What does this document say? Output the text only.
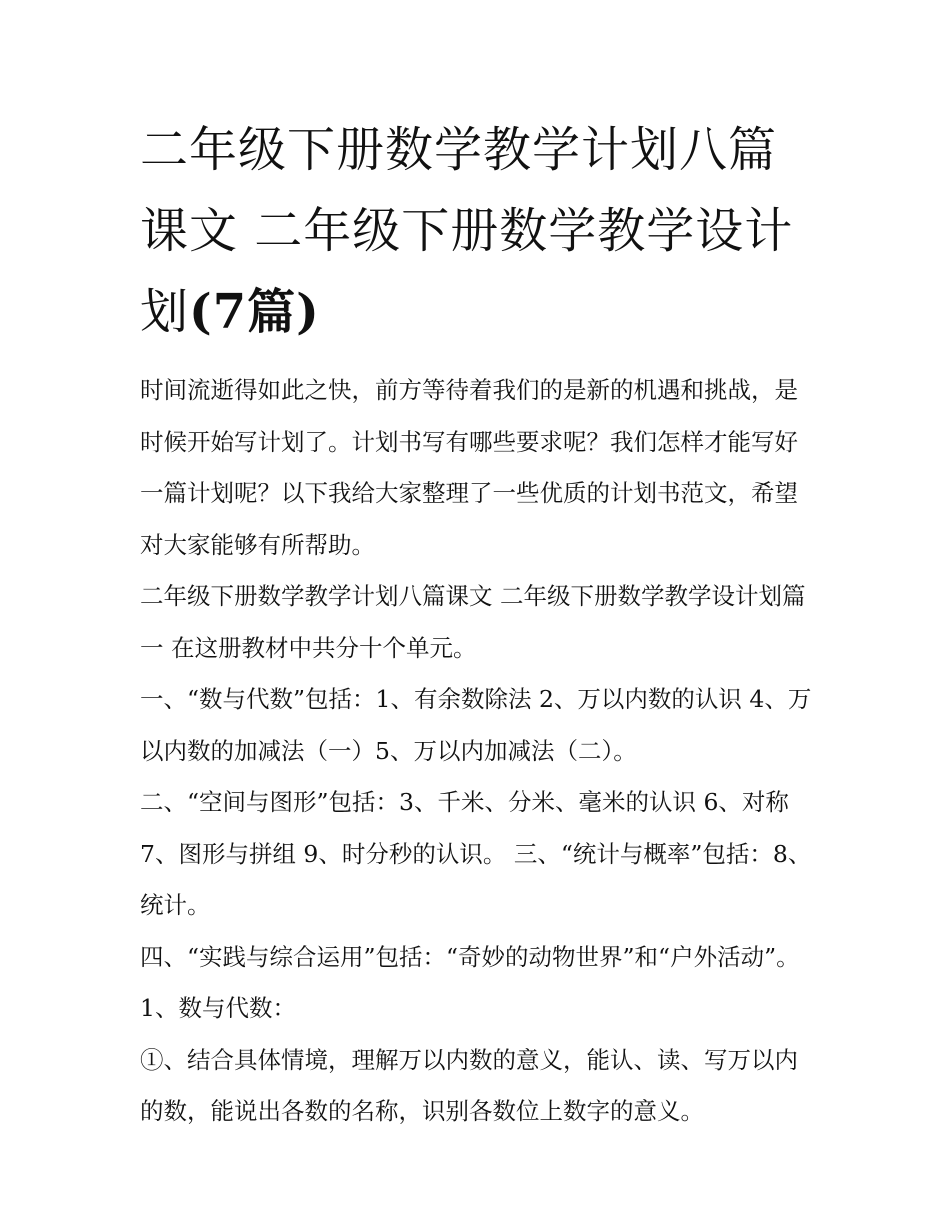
二年级下册数学教学计划八篇课文 二年级下册数学教学设计划(7篇)

时间流逝得如此之快，前方等待着我们的是新的机遇和挑战，是时候开始写计划了。计划书写有哪些要求呢？我们怎样才能写好一篇计划呢？以下我给大家整理了一些优质的计划书范文，希望对大家能够有所帮助。

二年级下册数学教学计划八篇课文 二年级下册数学教学设计划篇一 在这册教材中共分十个单元。

一、“数与代数”包括：1、有余数除法 2、万以内数的认识 4、万以内数的加减法（一）5、万以内加减法（二）。

二、“空间与图形”包括：3、千米、分米、毫米的认识 6、对称 7、图形与拼组 9、时分秒的认识。 三、“统计与概率”包括：8、统计。

四、“实践与综合运用”包括：“奇妙的动物世界”和“户外活动”。 1、数与代数：

①、结合具体情境，理解万以内数的意义，能认、读、写万以内的数，能说出各数的名称，识别各数位上数字的意义。
